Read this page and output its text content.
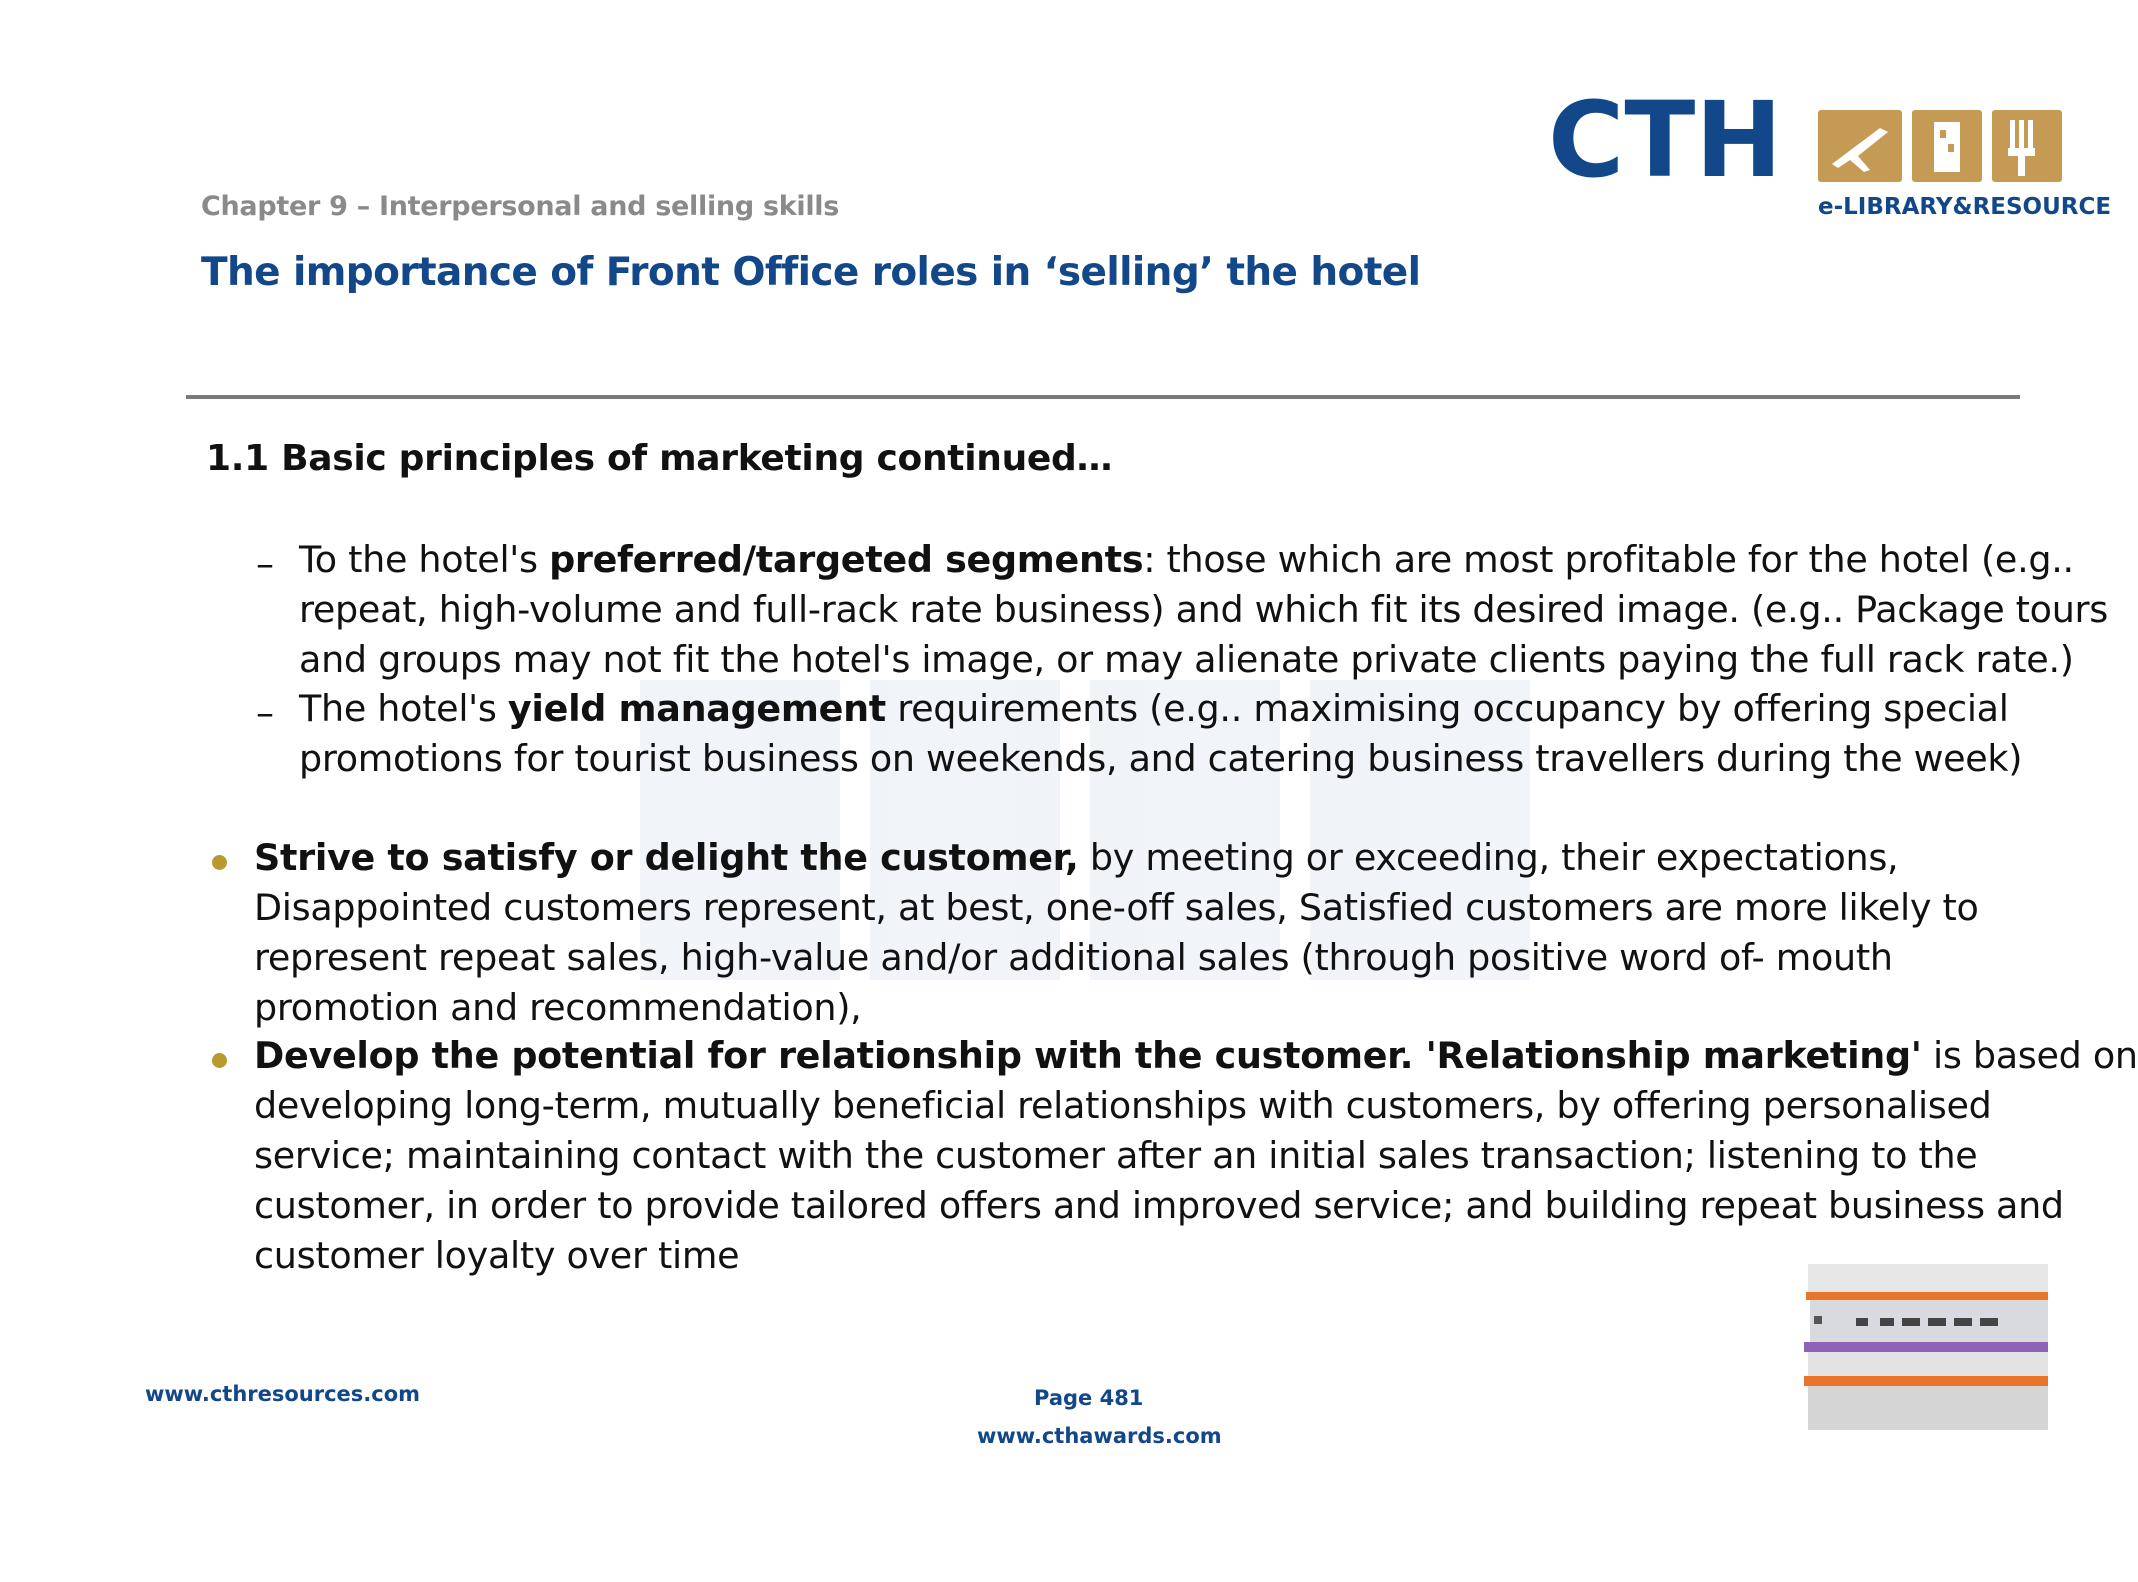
Chapter 9 – Interpersonal and selling skills
The importance of Front Office roles in ‘selling’ the hotel
CTH
e-LIBRARY&RESOURCE
1.1 Basic principles of marketing continued…
– To the hotel's preferred/targeted segments: those which are most profitable for the hotel (e.g..
repeat, high-volume and full-rack rate business) and which fit its desired image. (e.g.. Package tours
and groups may not fit the hotel's image, or may alienate private clients paying the full rack rate.)
– The hotel's yield management requirements (e.g.. maximising occupancy by offering special
promotions for tourist business on weekends, and catering business travellers during the week)
Strive to satisfy or delight the customer, by meeting or exceeding, their expectations,
Disappointed customers represent, at best, one-off sales, Satisfied customers are more likely to
represent repeat sales, high-value and/or additional sales (through positive word of- mouth
promotion and recommendation),
Develop the potential for relationship with the customer. 'Relationship marketing' is based on
developing long-term, mutually beneficial relationships with customers, by offering personalised
service; maintaining contact with the customer after an initial sales transaction; listening to the
customer, in order to provide tailored offers and improved service; and building repeat business and
customer loyalty over time
www.cthresources.com	Page 481
www.cthawards.com
